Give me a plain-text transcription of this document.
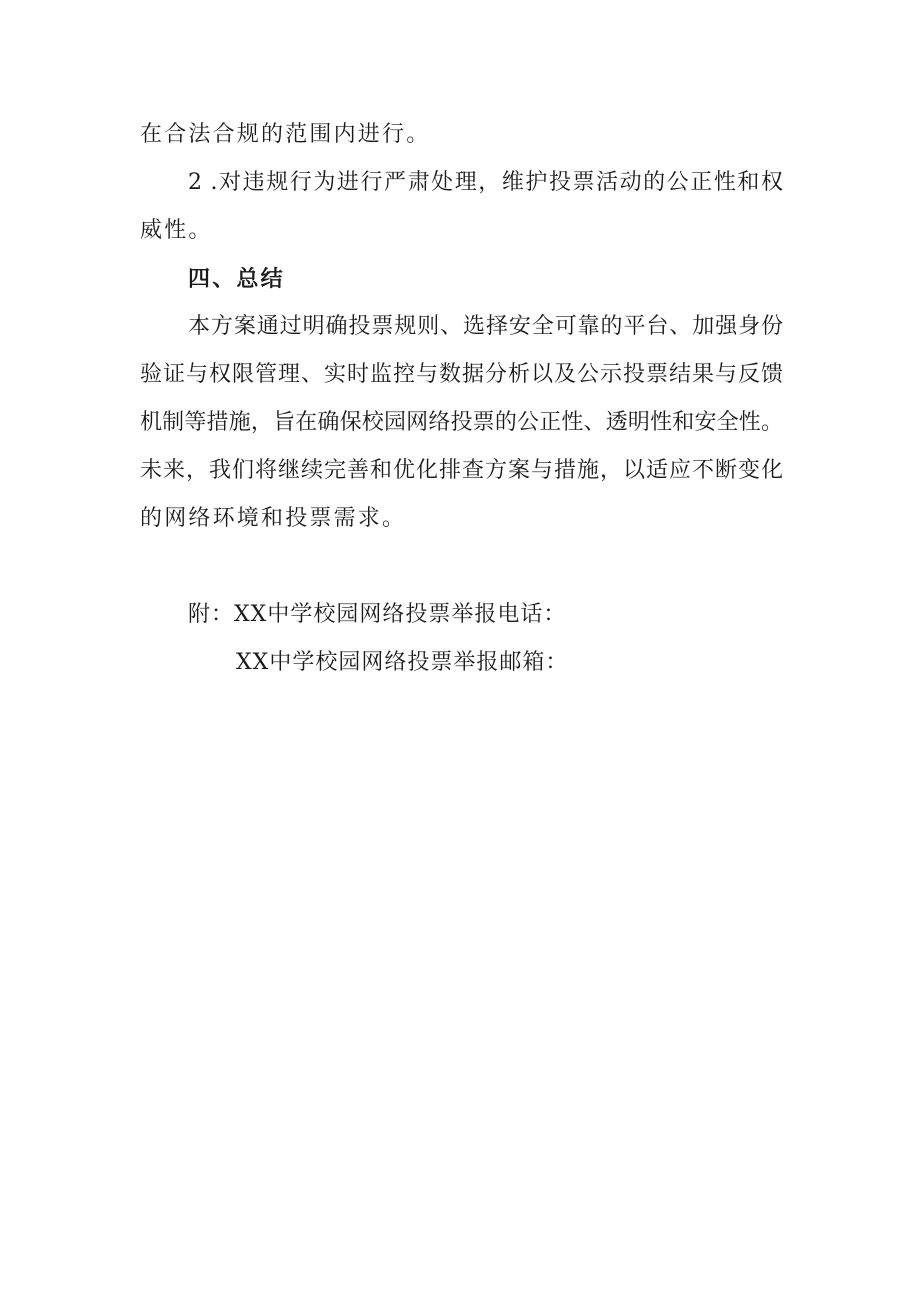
在合法合规的范围内进行。
2 .对违规行为进行严肃处理，维护投票活动的公正性和权
威性。
四、总结
本方案通过明确投票规则、选择安全可靠的平台、加强身份
验证与权限管理、实时监控与数据分析以及公示投票结果与反馈
机制等措施，旨在确保校园网络投票的公正性、透明性和安全性。
未来，我们将继续完善和优化排查方案与措施，以适应不断变化
的网络环境和投票需求。
附：XX中学校园网络投票举报电话：
XX中学校园网络投票举报邮箱：
